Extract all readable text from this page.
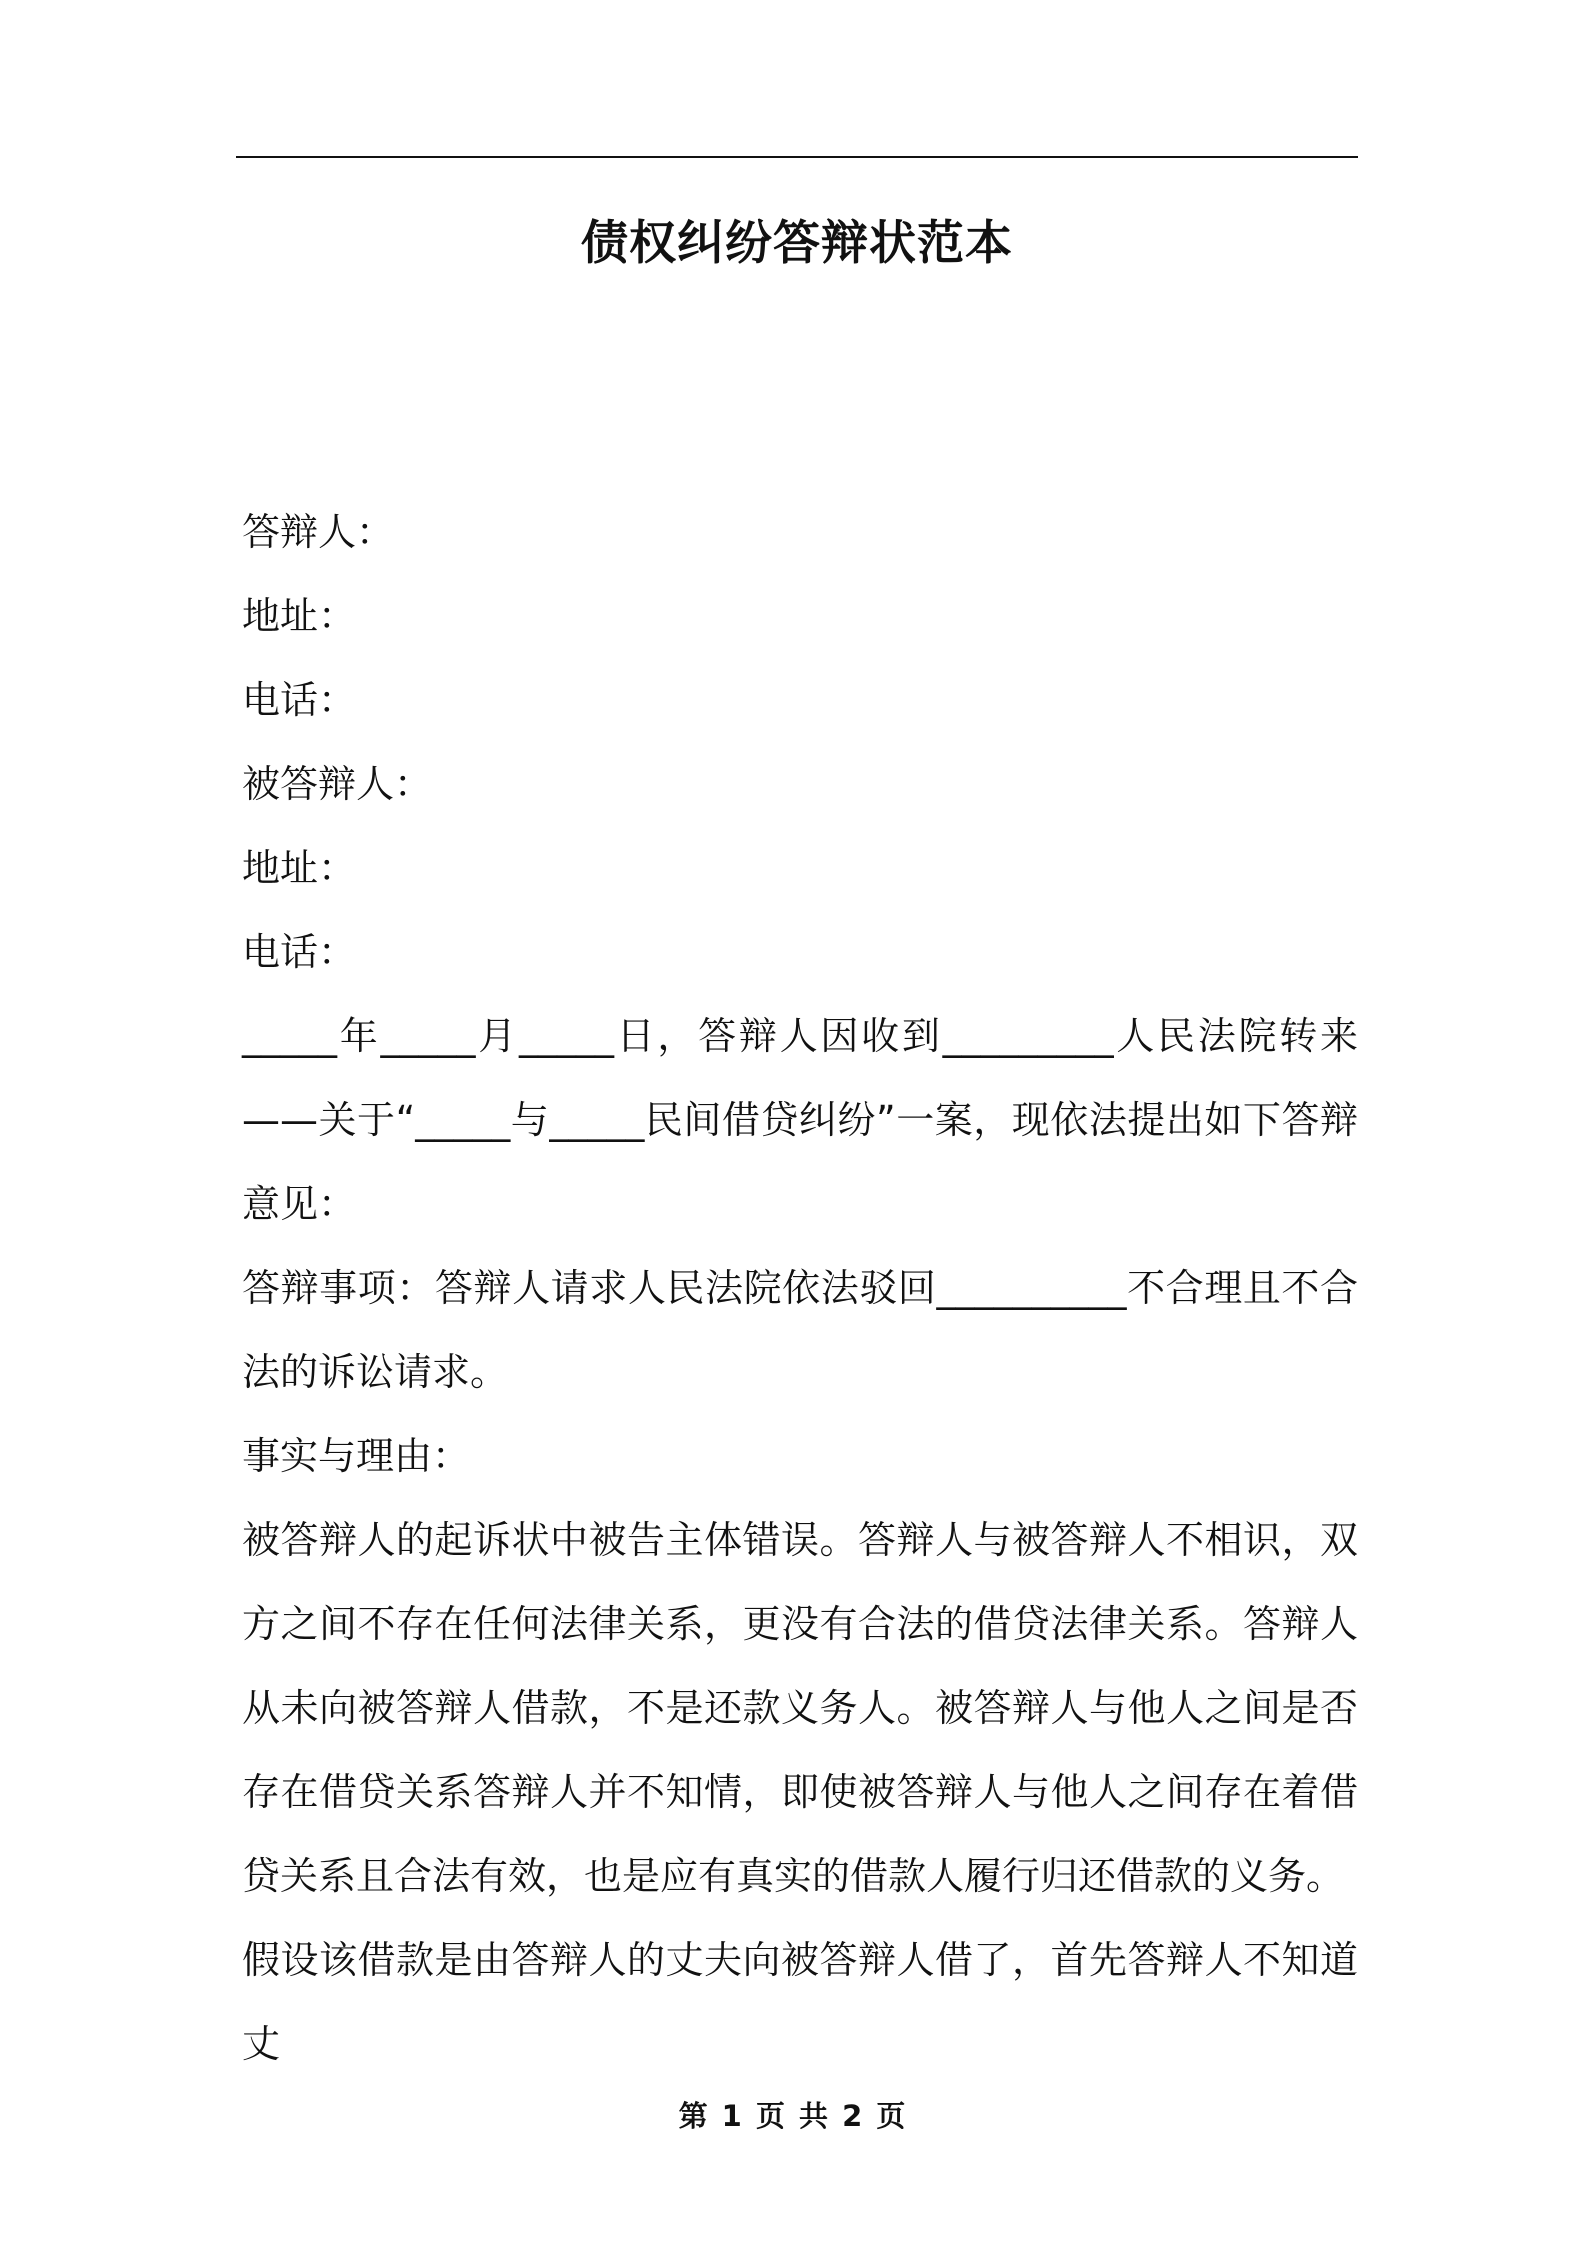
债权纠纷答辩状范本

答辩人：

地址：

电话：

被答辩人：

地址：

电话：

_____年_____月_____日，答辩人因收到_________人民法院转来——关于“_____与_____民间借贷纠纷”一案，现依法提出如下答辩意见：

答辩事项：答辩人请求人民法院依法驳回__________不合理且不合法的诉讼请求。

事实与理由：

被答辩人的起诉状中被告主体错误。答辩人与被答辩人不相识，双方之间不存在任何法律关系，更没有合法的借贷法律关系。答辩人从未向被答辩人借款，不是还款义务人。被答辩人与他人之间是否存在借贷关系答辩人并不知情，即使被答辩人与他人之间存在着借贷关系且合法有效，也是应有真实的借款人履行归还借款的义务。

假设该借款是由答辩人的丈夫向被答辩人借了，首先答辩人不知道丈

第 1 页 共 2 页
